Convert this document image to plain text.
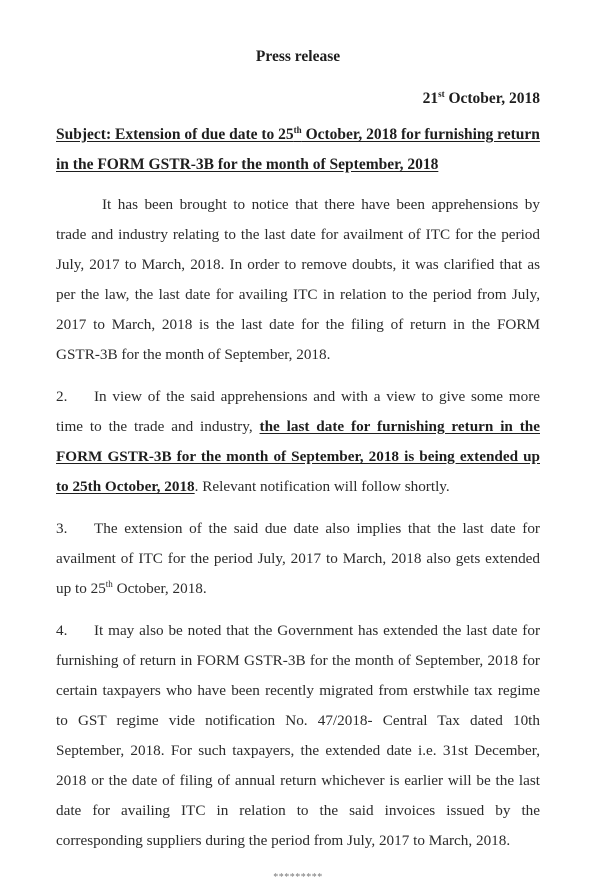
Press release
21st October, 2018
Subject: Extension of due date to 25th October, 2018 for furnishing return in the FORM GSTR-3B for the month of September, 2018
It has been brought to notice that there have been apprehensions by trade and industry relating to the last date for availment of ITC for the period July, 2017 to March, 2018. In order to remove doubts, it was clarified that as per the law, the last date for availing ITC in relation to the period from July, 2017 to March, 2018 is the last date for the filing of return in the FORM GSTR-3B for the month of September, 2018.
2. In view of the said apprehensions and with a view to give some more time to the trade and industry, the last date for furnishing return in the FORM GSTR-3B for the month of September, 2018 is being extended up to 25th October, 2018. Relevant notification will follow shortly.
3. The extension of the said due date also implies that the last date for availment of ITC for the period July, 2017 to March, 2018 also gets extended up to 25th October, 2018.
4. It may also be noted that the Government has extended the last date for furnishing of return in FORM GSTR-3B for the month of September, 2018 for certain taxpayers who have been recently migrated from erstwhile tax regime to GST regime vide notification No. 47/2018- Central Tax dated 10th September, 2018. For such taxpayers, the extended date i.e. 31st December, 2018 or the date of filing of annual return whichever is earlier will be the last date for availing ITC in relation to the said invoices issued by the corresponding suppliers during the period from July, 2017 to March, 2018.
*********
